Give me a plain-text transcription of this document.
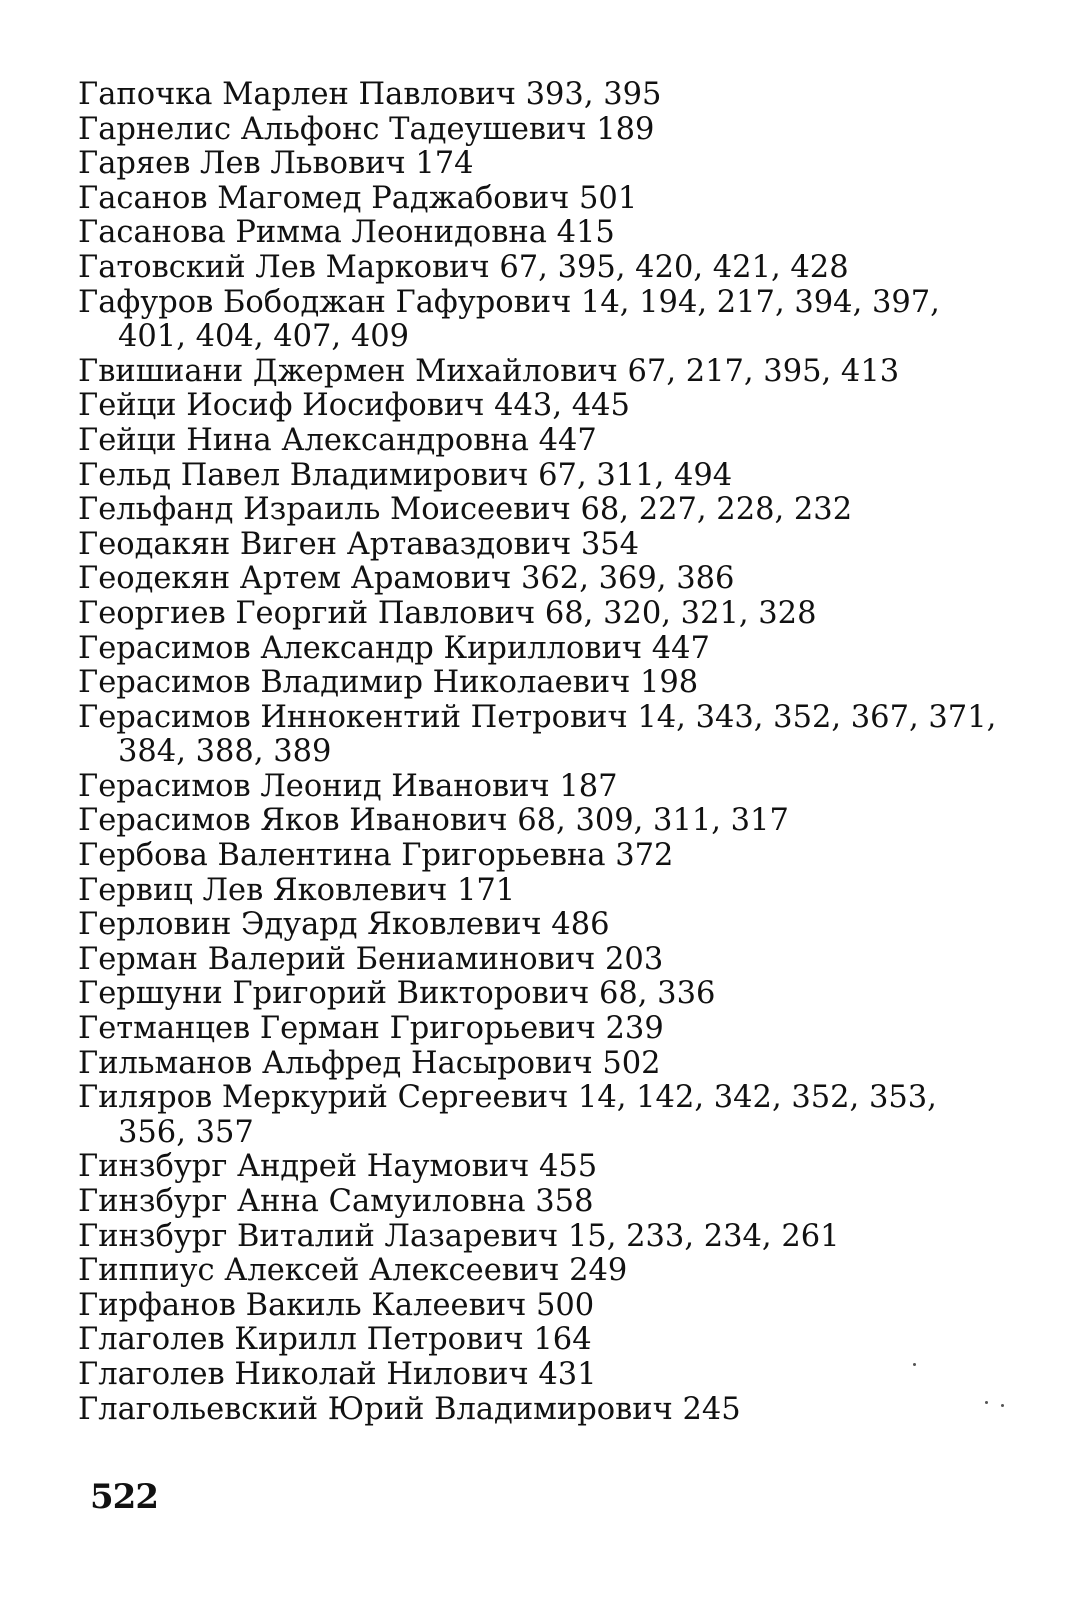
Гапочка Марлен Павлович 393, 395
Гарнелис Альфонс Тадеушевич 189
Гаряев Лев Львович 174
Гасанов Магомед Раджабович 501
Гасанова Римма Леонидовна 415
Гатовский Лев Маркович 67, 395, 420, 421, 428
Гафуров Бободжан Гафурович 14, 194, 217, 394, 397,
401, 404, 407, 409
Гвишиани Джермен Михайлович 67, 217, 395, 413
Гейци Иосиф Иосифович 443, 445
Гейци Нина Александровна 447
Гельд Павел Владимирович 67, 311, 494
Гельфанд Израиль Моисеевич 68, 227, 228, 232
Геодакян Виген Артаваздович 354
Геодекян Артем Арамович 362, 369, 386
Георгиев Георгий Павлович 68, 320, 321, 328
Герасимов Александр Кириллович 447
Герасимов Владимир Николаевич 198
Герасимов Иннокентий Петрович 14, 343, 352, 367, 371,
384, 388, 389
Герасимов Леонид Иванович 187
Герасимов Яков Иванович 68, 309, 311, 317
Гербова Валентина Григорьевна 372
Гервиц Лев Яковлевич 171
Герловин Эдуард Яковлевич 486
Герман Валерий Бениаминович 203
Гершуни Григорий Викторович 68, 336
Гетманцев Герман Григорьевич 239
Гильманов Альфред Насырович 502
Гиляров Меркурий Сергеевич 14, 142, 342, 352, 353,
356, 357
Гинзбург Андрей Наумович 455
Гинзбург Анна Самуиловна 358
Гинзбург Виталий Лазаревич 15, 233, 234, 261
Гиппиус Алексей Алексеевич 249
Гирфанов Вакиль Калеевич 500
Глаголев Кирилл Петрович 164
Глаголев Николай Нилович 431
Глагольевский Юрий Владимирович 245
522
